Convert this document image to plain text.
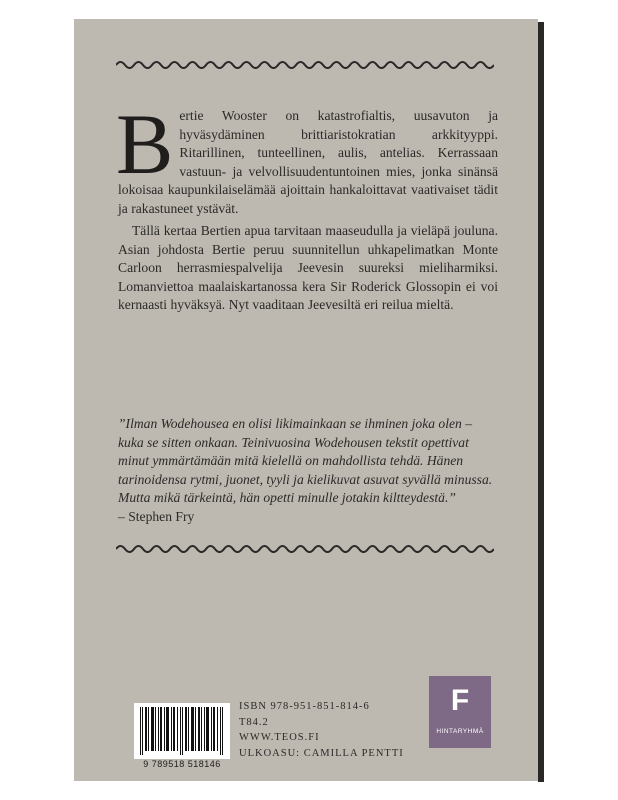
Bertie Wooster on katastrofialtis, uusavuton ja hyväsydäminen brittiaristokratian arkkityyppi. Ritarillinen, tunteellinen, aulis, antelias. Kerrassaan vastuun- ja velvollisuudentuntoinen mies, jonka sinänsä lokoisaa kaupunkilaiselämää ajoittain hankaloittavat vaativaiset tädit ja rakastuneet ystävät.

Tällä kertaa Bertien apua tarvitaan maaseudulla ja vieläpä jouluna. Asian johdosta Bertie peruu suunnitellun uhkapelimatkan Monte Carloon herrasmiespalvelija Jeevesin suureksi mieliharmiksi. Lomanviettoa maalaiskartanossa kera Sir Roderick Glossopin ei voi kernaasti hyväksyä. Nyt vaaditaan Jeevesiltä eri reilua mieltä.

”Ilman Wodehousea en olisi likimainkaan se ihminen joka olen – kuka se sitten onkaan. Teinivuosina Wodehousen tekstit opettivat minut ymmärtämään mitä kielellä on mahdollista tehdä. Hänen tarinoidensa rytmi, juonet, tyyli ja kielikuvat asuvat syvällä minussa. Mutta mikä tärkeintä, hän opetti minulle jotakin kiltteydestä.”

– Stephen Fry

9 789518 518146
ISBN 978-951-851-814-6
T84.2
WWW.TEOS.FI
ULKOASU: CAMILLA PENTTI
F
HINTARYHMÄ
